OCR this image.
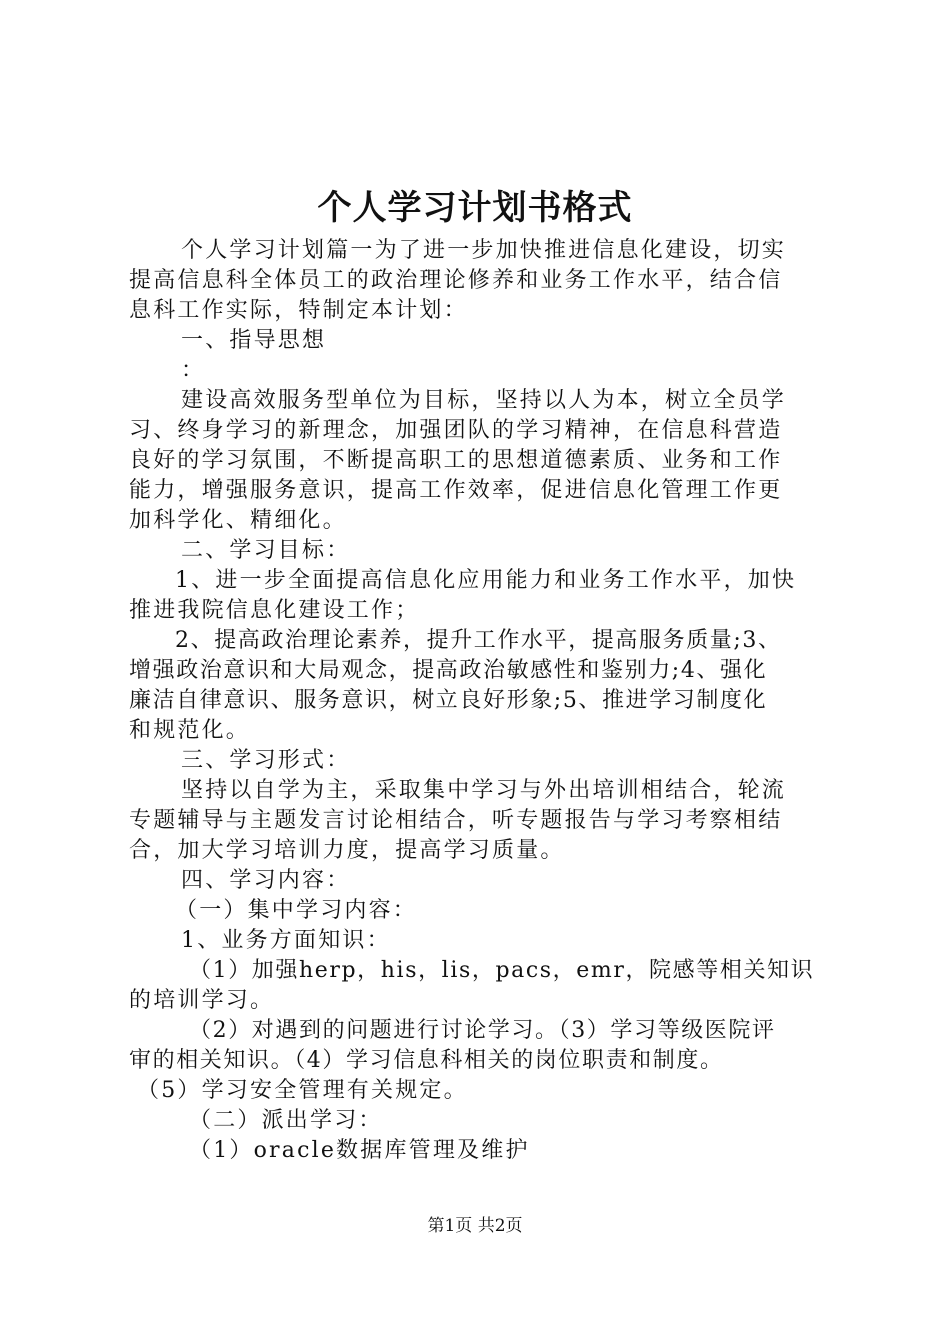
个人学习计划书格式
个人学习计划篇一为了进一步加快推进信息化建设，切实
提高信息科全体员工的政治理论修养和业务工作水平，结合信
息科工作实际，特制定本计划：
一、指导思想
：
建设高效服务型单位为目标，坚持以人为本，树立全员学
习、终身学习的新理念，加强团队的学习精神，在信息科营造
良好的学习氛围，不断提高职工的思想道德素质、业务和工作
能力，增强服务意识，提高工作效率，促进信息化管理工作更
加科学化、精细化。
二、学习目标：
1、进一步全面提高信息化应用能力和业务工作水平，加快
推进我院信息化建设工作；
2、提高政治理论素养，提升工作水平，提高服务质量;3、
增强政治意识和大局观念，提高政治敏感性和鉴别力;4、强化
廉洁自律意识、服务意识，树立良好形象;5、推进学习制度化
和规范化。
三、学习形式：
坚持以自学为主，采取集中学习与外出培训相结合，轮流
专题辅导与主题发言讨论相结合，听专题报告与学习考察相结
合，加大学习培训力度，提高学习质量。
四、学习内容：
（一）集中学习内容：
1、业务方面知识：
（1）加强herp，his，lis，pacs，emr，院感等相关知识
的培训学习。
（2）对遇到的问题进行讨论学习。（3）学习等级医院评
审的相关知识。（4）学习信息科相关的岗位职责和制度。
（5）学习安全管理有关规定。
（二）派出学习：
（1）oracle数据库管理及维护
第1页 共2页
